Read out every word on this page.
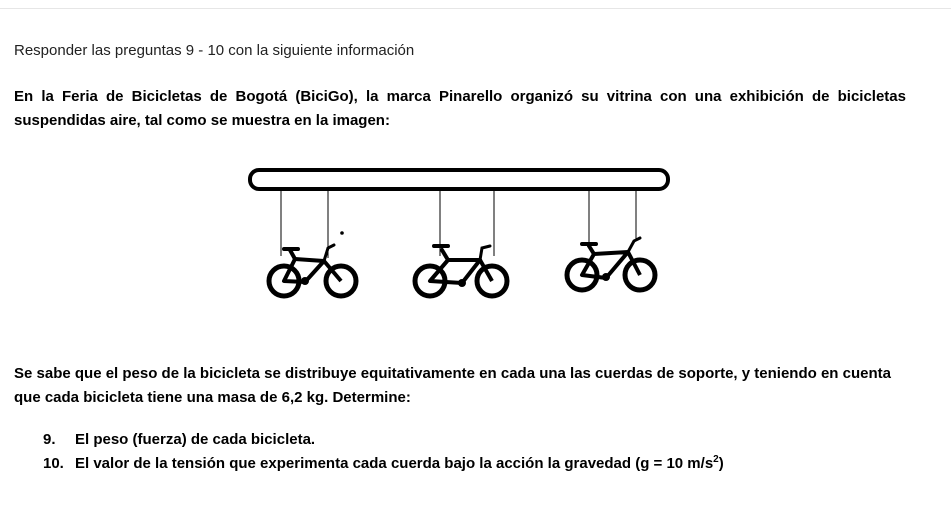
Responder las preguntas 9 - 10 con la siguiente información

En la Feria de Bicicletas de Bogotá (BiciGo), la marca Pinarello organizó su vitrina con una exhibición de bicicletas suspendidas aire, tal como se muestra en la imagen:

Se sabe que el peso de la bicicleta se distribuye equitativamente en cada una las cuerdas de soporte, y teniendo en cuenta que cada bicicleta tiene una masa de 6,2 kg. Determine:

9. El peso (fuerza) de cada bicicleta.
10. El valor de la tensión que experimenta cada cuerda bajo la acción la gravedad (g = 10 $m/s^2$)
